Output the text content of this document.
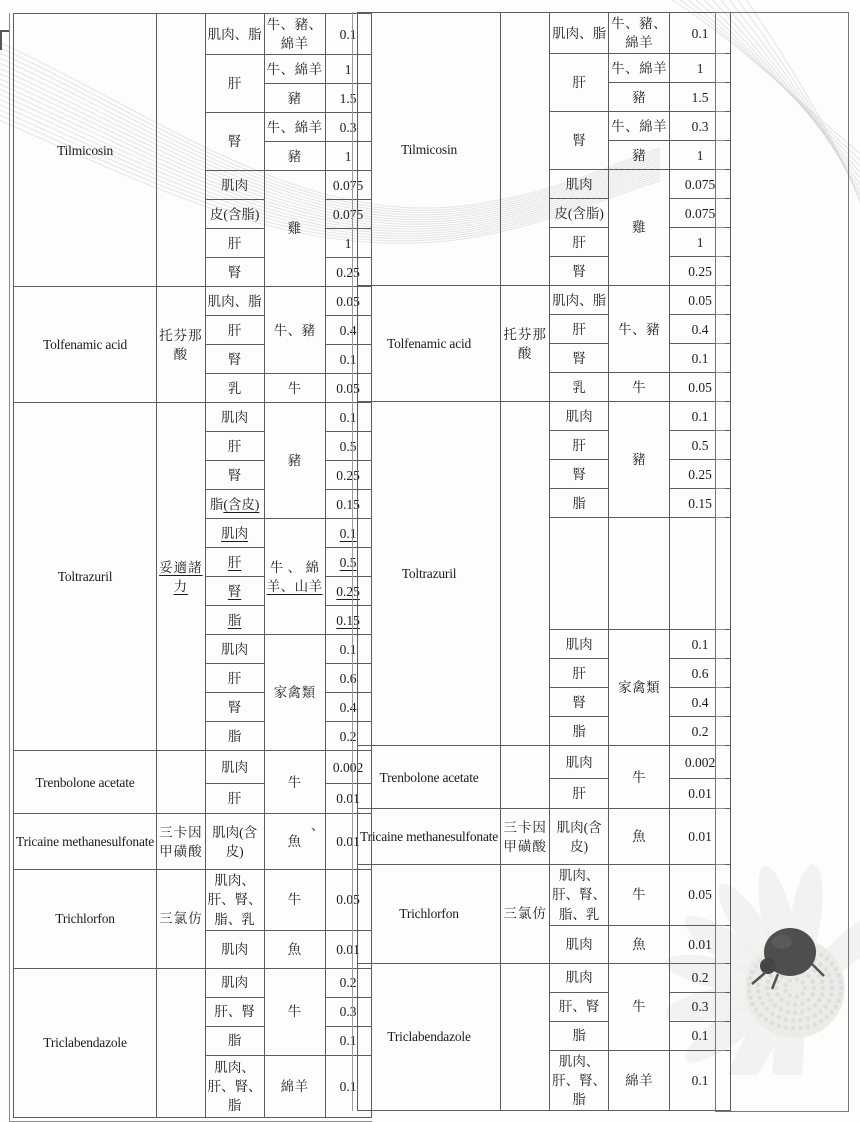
Tilmicosin		肌肉、脂	牛、豬、
綿羊	0.1
		肝	牛、綿羊	1
			豬	1.5
		腎	牛、綿羊	0.3
			豬	1
		肌肉	雞	0.075
		皮(含脂)		0.075
		肝		1
		腎		0.25
Tolfenamic acid	托芬那
酸	肌肉、脂	牛、豬	0.05
		肝		0.4
		腎		0.1
		乳	牛	0.05
Toltrazuril	妥適諸
力	肌肉	豬	0.1
		肝		0.5
		腎		0.25
		脂(含皮)		0.15
		肌肉	牛 、 綿
羊、山羊	0.1
		肝		0.5
		腎		0.25
		脂		0.15
		肌肉	家禽類	0.1
		肝		0.6
		腎		0.4
		脂		0.2
Trenbolone acetate		肌肉	牛	0.002
		肝		0.01
Tricaine methanesulfonate	三卡因
甲磺酸	肌肉(含
皮)	魚	0.01
Trichlorfon	三氯仿	肌肉、
肝、腎、
脂、乳	牛	0.05
		肌肉	魚	0.01
Triclabendazole		肌肉	牛	0.2
		肝、腎		0.3
		脂		0.1
		肌肉、
肝、腎、
脂	綿羊	0.1
Tilmicosin		肌肉、脂	牛、豬、
綿羊	0.1
		肝	牛、綿羊	1
			豬	1.5
		腎	牛、綿羊	0.3
			豬	1
		肌肉	雞	0.075
		皮(含脂)		0.075
		肝		1
		腎		0.25
Tolfenamic acid	托芬那
酸	肌肉、脂	牛、豬	0.05
		肝		0.4
		腎		0.1
		乳	牛	0.05
Toltrazuril		肌肉	豬	0.1
		肝		0.5
		腎		0.25
		脂		0.15

		肌肉	家禽類	0.1
		肝		0.6
		腎		0.4
		脂		0.2
Trenbolone acetate		肌肉	牛	0.002
		肝		0.01
Tricaine methanesulfonate	三卡因
甲磺酸	肌肉(含
皮)	魚	0.01
Trichlorfon	三氯仿	肌肉、
肝、腎、
脂、乳	牛	0.05
		肌肉	魚	0.01
Triclabendazole		肌肉	牛	0.2
		肝、腎		0.3
		脂		0.1
		肌肉、
肝、腎、
脂	綿羊	0.1
、
